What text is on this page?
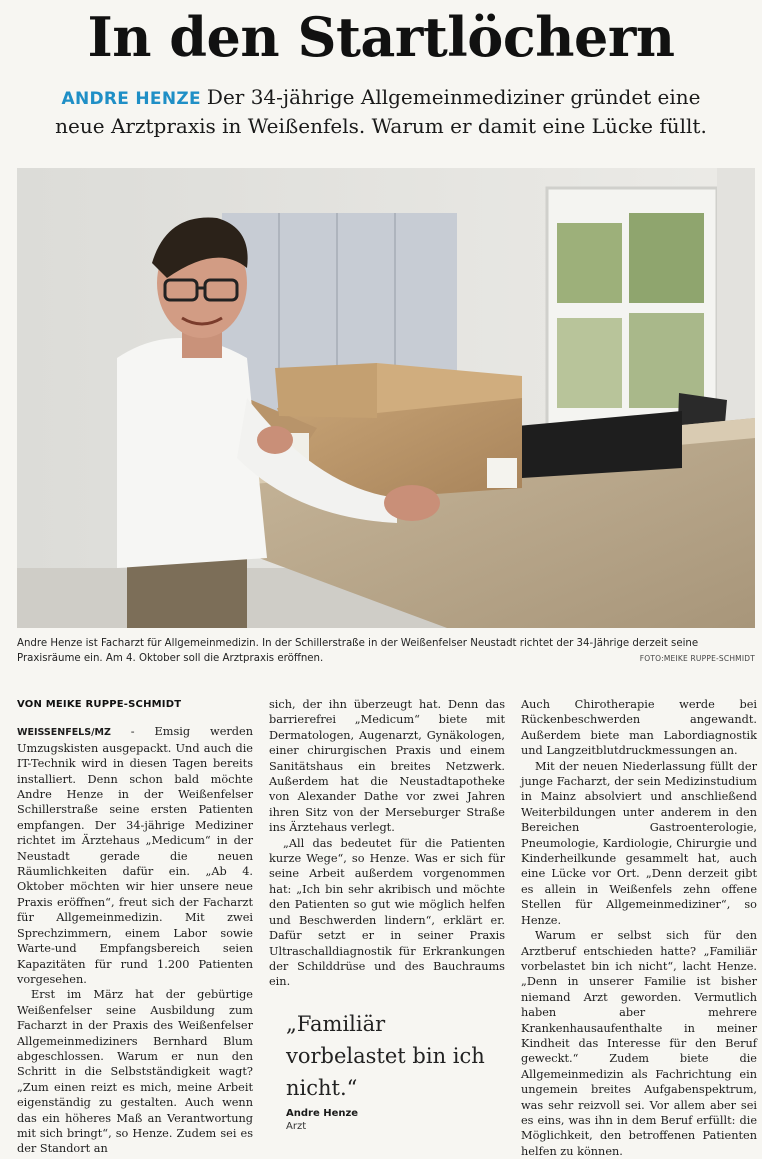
In den Startlöchern
ANDRE HENZE Der 34-jährige Allgemeinmediziner gründet eine neue Arztpraxis in Weißenfels. Warum er damit eine Lücke füllt.
Andre Henze ist Facharzt für Allgemeinmedizin. In der Schillerstraße in der Weißenfelser Neustadt richtet der 34-Jährige derzeit seine Praxisräume ein. Am 4. Oktober soll die Arztpraxis eröffnen.	FOTO:MEIKE RUPPE-SCHMIDT
VON MEIKE RUPPE-SCHMIDT

WEISSENFELS/MZ - Emsig werden Umzugskisten ausgepackt. Und auch die IT-Technik wird in diesen Tagen bereits installiert. Denn schon bald möchte Andre Henze in der Weißenfelser Schillerstraße seine ersten Patienten empfangen. Der 34-jährige Mediziner richtet im Ärztehaus „Medicum“ in der Neustadt gerade die neuen Räumlichkeiten dafür ein. „Ab 4. Oktober möchten wir hier unsere neue Praxis eröffnen“, freut sich der Facharzt für Allgemeinmedizin. Mit zwei Sprechzimmern, einem Labor sowie Warte-und Empfangsbereich seien Kapazitäten für rund 1.200 Patienten vorgesehen.

Erst im März hat der gebürtige Weißenfelser seine Ausbildung zum Facharzt in der Praxis des Weißenfelser Allgemeinmediziners Bernhard Blum abgeschlossen. Warum er nun den Schritt in die Selbstständigkeit wagt? „Zum einen reizt es mich, meine Arbeit eigenständig zu gestalten. Auch wenn das ein höheres Maß an Verantwortung mit sich bringt“, so Henze. Zudem sei es der Standort an

sich, der ihn überzeugt hat. Denn das barrierefrei „Medicum“ biete mit Dermatologen, Augenarzt, Gynäkologen, einer chirurgischen Praxis und einem Sanitätshaus ein breites Netzwerk. Außerdem hat die Neustadtapotheke von Alexander Dathe vor zwei Jahren ihren Sitz von der Merseburger Straße ins Ärztehaus verlegt.

„All das bedeutet für die Patienten kurze Wege“, so Henze. Was er sich für seine Arbeit außerdem vorgenommen hat: „Ich bin sehr akribisch und möchte den Patienten so gut wie möglich helfen und Beschwerden lindern“, erklärt er. Dafür setzt er in seiner Praxis Ultraschalldiagnostik für Erkrankungen der Schilddrüse und des Bauchraums ein.

„Familiär vorbelastet bin ich nicht.“
Andre Henze
Arzt

Auch Chirotherapie werde bei Rückenbeschwerden angewandt. Außerdem biete man Labordiagnostik und Langzeitblutdruckmessungen an.

Mit der neuen Niederlassung füllt der junge Facharzt, der sein Medizinstudium in Mainz absolviert und anschließend Weiterbildungen unter anderem in den Bereichen Gastroenterologie, Pneumologie, Kardiologie, Chirurgie und Kinderheilkunde gesammelt hat, auch eine Lücke vor Ort. „Denn derzeit gibt es allein in Weißenfels zehn offene Stellen für Allgemeinmediziner“, so Henze.

Warum er selbst sich für den Arztberuf entschieden hatte? „Familiär vorbelastet bin ich nicht“, lacht Henze. „Denn in unserer Familie ist bisher niemand Arzt geworden. Vermutlich haben aber mehrere Krankenhausaufenthalte in meiner Kindheit das Interesse für den Beruf geweckt.“ Zudem biete die Allgemeinmedizin als Fachrichtung ein ungemein breites Aufgabenspektrum, was sehr reizvoll sei. Vor allem aber sei es eins, was ihn in dem Beruf erfüllt: die Möglichkeit, den betroffenen Patienten helfen zu können.
